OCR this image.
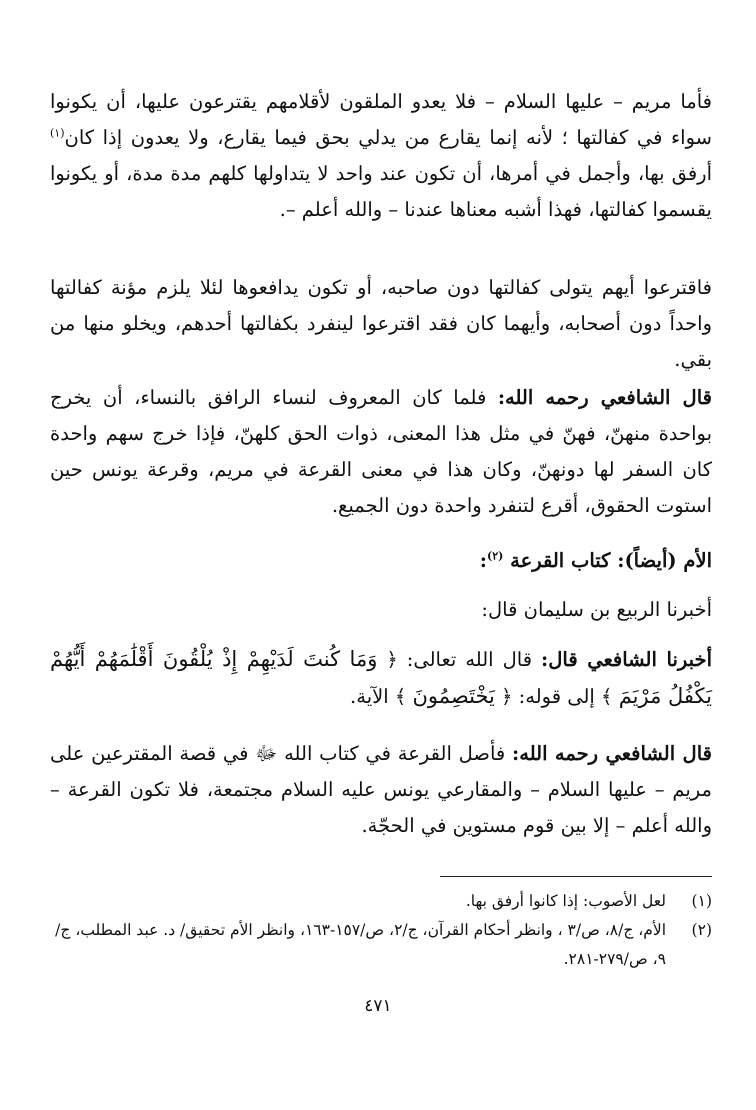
فأما مريم – عليها السلام – فلا يعدو الملقون لأقلامهم يقترعون عليها، أن يكونوا سواء في كفالتها ؛ لأنه إنما يقارع من يدلي بحق فيما يقارع، ولا يعدون إذا كان$^{(١)}$ أرفق بها، وأجمل في أمرها، أن تكون عند واحد لا يتداولها كلهم مدة مدة، أو يكونوا يقسموا كفالتها، فهذا أشبه معناها عندنا – والله أعلم –.
فاقترعوا أيهم يتولى كفالتها دون صاحبه، أو تكون يدافعوها لئلا يلزم مؤنة كفالتها واحداً دون أصحابه، وأيهما كان فقد اقترعوا لينفرد بكفالتها أحدهم، ويخلو منها من بقي.
قال الشافعي رحمه الله: فلما كان المعروف لنساء الرافق بالنساء، أن يخرج بواحدة منهنّ، فهنّ في مثل هذا المعنى، ذوات الحق كلهنّ، فإذا خرج سهم واحدة كان السفر لها دونهنّ، وكان هذا في معنى القرعة في مريم، وقرعة يونس حين استوت الحقوق، أقرع لتنفرد واحدة دون الجميع.
الأم (أيضاً): كتاب القرعة $^{(٢)}$:
أخبرنا الربيع بن سليمان قال:
أخبرنا الشافعي قال: قال الله تعالى: ﴿ وَمَا كُنتَ لَدَيْهِمْ إِذْ يُلْقُونَ أَقْلَٰمَهُمْ أَيُّهُمْ يَكْفُلُ مَرْيَمَ ﴾ إلى قوله: ﴿ يَخْتَصِمُونَ ﴾ الآية.
قال الشافعي رحمه الله: فأصل القرعة في كتاب الله ﷻ في قصة المقترعين على مريم – عليها السلام – والمقارعي يونس عليه السلام مجتمعة، فلا تكون القرعة – والله أعلم – إلا بين قوم مستوين في الحجّة.
(١)
لعل الأصوب: إذا كانوا أرفق بها.
(٢)
الأم، ج/٨، ص/٣ ، وانظر أحكام القرآن، ج/٢، ص/١٥٧-١٦٣، وانظر الأم تحقيق/ د. عبد المطلب، ج/٩، ص/٢٧٩-٢٨١.
٤٧١
